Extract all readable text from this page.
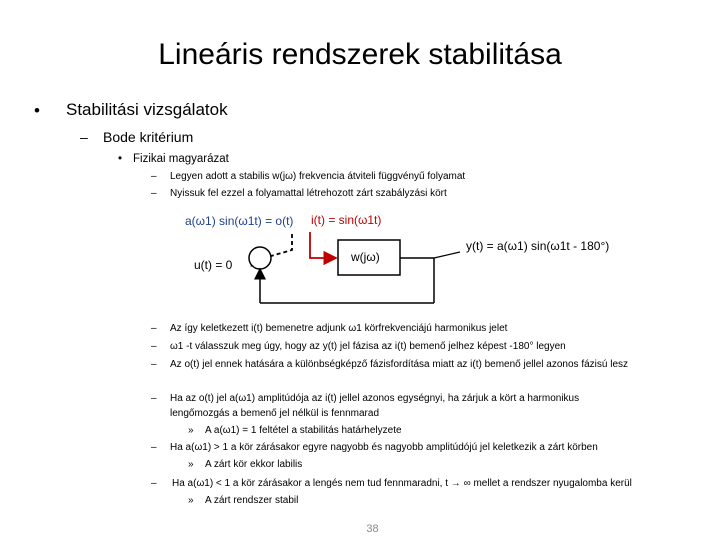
Lineáris rendszerek stabilitása
• Stabilitási vizsgálatok
– Bode kritérium
• Fizikai magyarázat
– Legyen adott a stabilis w(jω) frekvencia átviteli függvényű folyamat
– Nyissuk fel ezzel a folyamattal létrehozott zárt szabályzási kört
a(ω1) sin(ω1t) = o(t) i(t) = sin(ω1t)
u(t) = 0 -
w(jω)
y(t) = a(ω1) sin(ω1t - 180°)
– Az így keletkezett i(t) bemenetre adjunk ω1 körfrekvenciájú harmonikus jelet
– ω1 -t válasszuk meg úgy, hogy az y(t) jel fázisa az i(t) bemenő jelhez képest -180° legyen
– Az o(t) jel ennek hatására a különbségképző fázisfordítása miatt az i(t) bemenő jellel azonos fázisú lesz
– Ha az o(t) jel a(ω1) amplitúdója az i(t) jellel azonos egységnyi, ha zárjuk a kört a harmonikus
lengőmozgás a bemenő jel nélkül is fennmarad
» A a(ω1) = 1 feltétel a stabilitás határhelyzete
– Ha a(ω1) > 1 a kör zárásakor egyre nagyobb és nagyobb amplitúdójú jel keletkezik a zárt körben
» A zárt kör ekkor labilis
– Ha a(ω1) < 1 a kör zárásakor a lengés nem tud fennmaradni, t → ∞ mellet a rendszer nyugalomba kerül
» A zárt rendszer stabil
38
